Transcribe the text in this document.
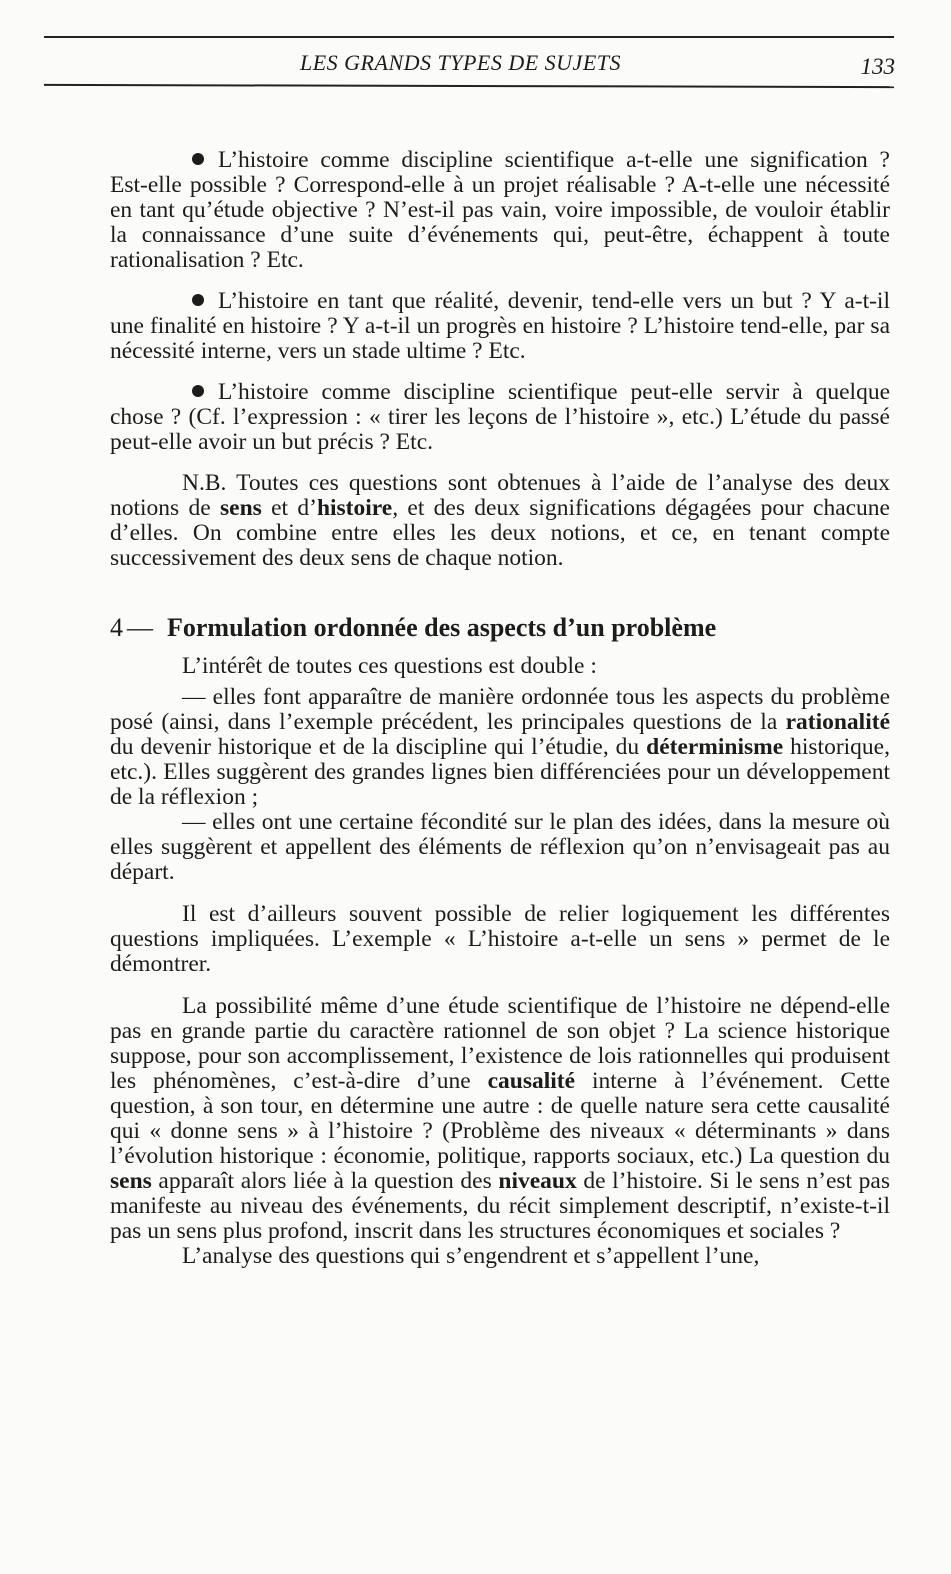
LES GRANDS TYPES DE SUJETS	133

L’histoire comme discipline scientifique a-t-elle une signification ? Est-elle possible ? Correspond-elle à un projet réalisable ? A-t-elle une nécessité en tant qu’étude objective ? N’est-il pas vain, voire impossible, de vouloir établir la connaissance d’une suite d’événements qui, peut-être, échappent à toute rationalisation ? Etc.

L’histoire en tant que réalité, devenir, tend-elle vers un but ? Y a-t-il une finalité en histoire ? Y a-t-il un progrès en histoire ? L’histoire tend-elle, par sa nécessité interne, vers un stade ultime ? Etc.

L’histoire comme discipline scientifique peut-elle servir à quelque chose ? (Cf. l’expression : « tirer les leçons de l’histoire », etc.) L’étude du passé peut-elle avoir un but précis ? Etc.

N.B. Toutes ces questions sont obtenues à l’aide de l’analyse des deux notions de sens et d’histoire, et des deux significations dégagées pour chacune d’elles. On combine entre elles les deux notions, et ce, en tenant compte successivement des deux sens de chaque notion.

4 — Formulation ordonnée des aspects d’un problème

L’intérêt de toutes ces questions est double :

— elles font apparaître de manière ordonnée tous les aspects du problème posé (ainsi, dans l’exemple précédent, les principales questions de la rationalité du devenir historique et de la discipline qui l’étudie, du déterminisme historique, etc.). Elles suggèrent des grandes lignes bien différenciées pour un développement de la réflexion ;

— elles ont une certaine fécondité sur le plan des idées, dans la mesure où elles suggèrent et appellent des éléments de réflexion qu’on n’envisageait pas au départ.

Il est d’ailleurs souvent possible de relier logiquement les différentes questions impliquées. L’exemple « L’histoire a-t-elle un sens » permet de le démontrer.

La possibilité même d’une étude scientifique de l’histoire ne dépend-elle pas en grande partie du caractère rationnel de son objet ? La science historique suppose, pour son accomplissement, l’existence de lois rationnelles qui produisent les phénomènes, c’est-à-dire d’une causalité interne à l’événement. Cette question, à son tour, en détermine une autre : de quelle nature sera cette causalité qui « donne sens » à l’histoire ? (Problème des niveaux « déterminants » dans l’évolution historique : économie, politique, rapports sociaux, etc.) La question du sens apparaît alors liée à la question des niveaux de l’histoire. Si le sens n’est pas manifeste au niveau des événements, du récit simplement descriptif, n’existe-t-il pas un sens plus profond, inscrit dans les structures économiques et sociales ?

L’analyse des questions qui s’engendrent et s’appellent l’une,
